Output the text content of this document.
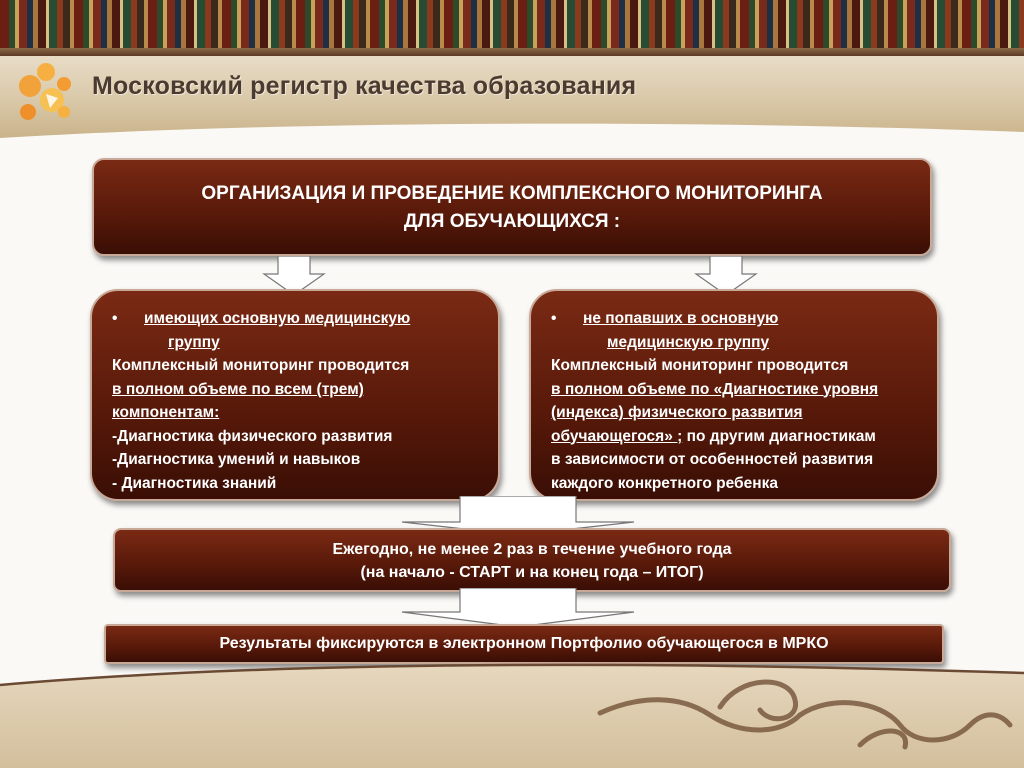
Московский регистр качества образования
ОРГАНИЗАЦИЯ И ПРОВЕДЕНИЕ КОМПЛЕКСНОГО МОНИТОРИНГА
ДЛЯ ОБУЧАЮЩИХСЯ :
• имеющих основную медицинскую
группу
Комплексный мониторинг проводится
в полном объеме по всем (трем)
компонентам:
-Диагностика физического развития
-Диагностика умений и навыков
- Диагностика знаний
• не попавших в основную
медицинскую группу
Комплексный мониторинг проводится
в полном объеме по «Диагностике уровня
(индекса) физического развития
обучающегося» ; по другим диагностикам
в зависимости от особенностей развития
каждого конкретного ребенка
Ежегодно, не менее 2 раз в течение учебного года
(на начало - СТАРТ и на конец года – ИТОГ)
Результаты фиксируются в электронном Портфолио обучающегося в МРКО
